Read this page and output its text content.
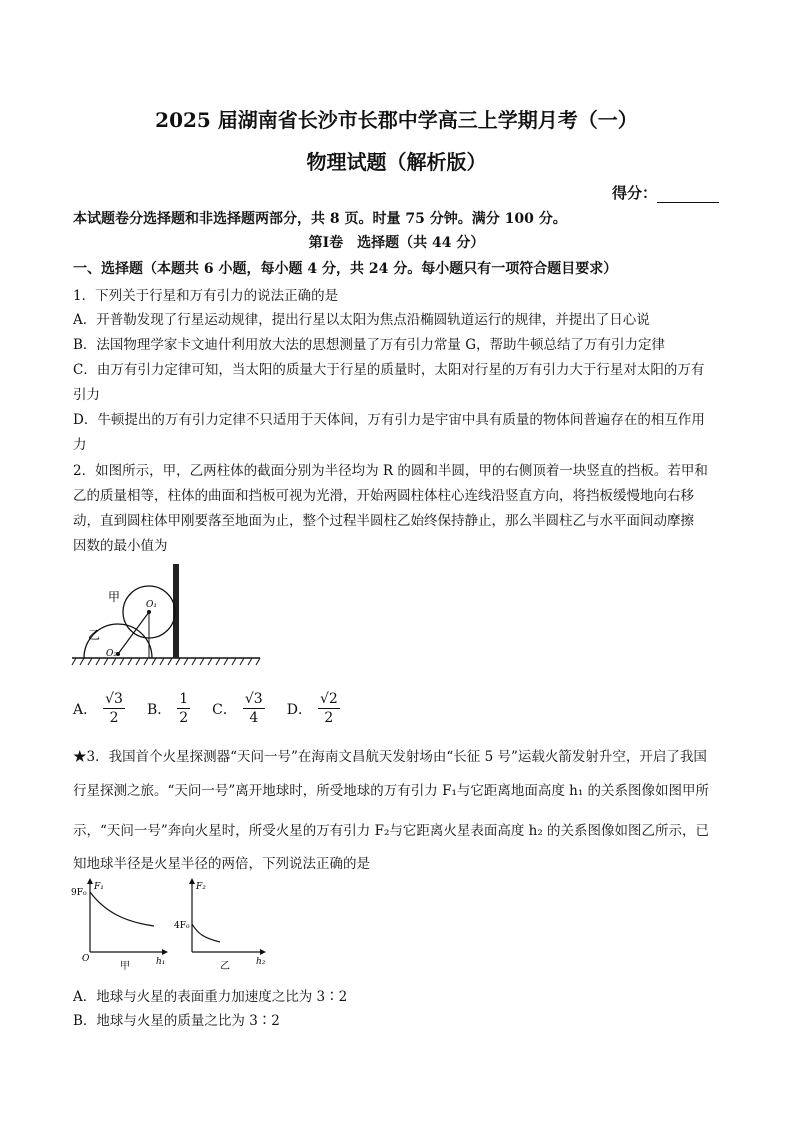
2025 届湖南省长沙市长郡中学高三上学期月考（一）
物理试题（解析版）
得分：
本试题卷分选择题和非选择题两部分，共 8 页。时量 75 分钟。满分 100 分。
第Ⅰ卷　选择题（共 44 分）
一、选择题（本题共 6 小题，每小题 4 分，共 24 分。每小题只有一项符合题目要求）
1．下列关于行星和万有引力的说法正确的是
A．开普勒发现了行星运动规律，提出行星以太阳为焦点沿椭圆轨道运行的规律，并提出了日心说
B．法国物理学家卡文迪什利用放大法的思想测量了万有引力常量 G，帮助牛顿总结了万有引力定律
C．由万有引力定律可知，当太阳的质量大于行星的质量时，太阳对行星的万有引力大于行星对太阳的万有
引力
D．牛顿提出的万有引力定律不只适用于天体间，万有引力是宇宙中具有质量的物体间普遍存在的相互作用
力
2．如图所示，甲，乙两柱体的截面分别为半径均为 R 的圆和半圆，甲的右侧顶着一块竖直的挡板。若甲和
乙的质量相等，柱体的曲面和挡板可视为光滑，开始两圆柱体柱心连线沿竖直方向，将挡板缓慢地向右移
动，直到圆柱体甲刚要落至地面为止，整个过程半圆柱乙始终保持静止，那么半圆柱乙与水平面间动摩擦
因数的最小值为
甲
乙
O₁
O₂
A． $\frac{√3}{2}$ B． $\frac{1}{2}$ C． $\frac{√3}{4}$ D． $\frac{√2}{2}$
★3．我国首个火星探测器“天问一号”在海南文昌航天发射场由“长征 5 号”运载火箭发射升空，开启了我国
行星探测之旅。“天问一号”离开地球时，所受地球的万有引力 F₁与它距离地面高度 h₁ 的关系图像如图甲所
示，“天问一号”奔向火星时，所受火星的万有引力 F₂与它距离火星表面高度 h₂ 的关系图像如图乙所示，已
知地球半径是火星半径的两倍，下列说法正确的是
F₁
9F₀
O	h₁
甲
F₂
4F₀
h₂
乙
A．地球与火星的表面重力加速度之比为 3∶2
B．地球与火星的质量之比为 3∶2
